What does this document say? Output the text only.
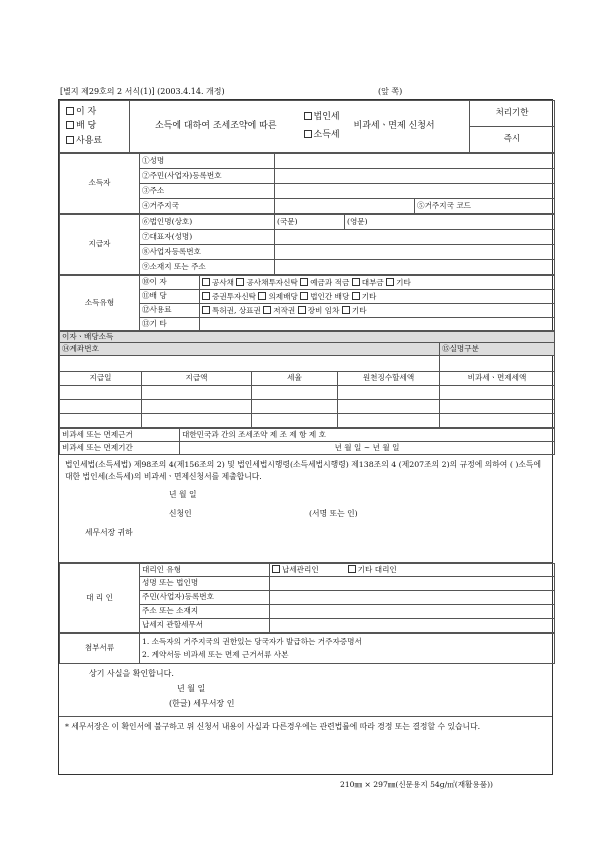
[별지 제29호의 2 서식(1)] (2003.4.14. 개정)	(앞 쪽)
이 자
배 당
사용료
	소득에 대하여 조세조약에 따른	
법인세
소득세
	비과세ㆍ면제 신청서	처리기한
즉시
소득자	①성명		
	②주민(사업자)등록번호		
	③주소		
	④거주지국		⑤거주지국 코드
지급자	⑥법인명(상호)	(국문)	(영문)
	⑦대표자(성명)		
	⑧사업자등록번호		
	⑨소재지 또는 주소		
소득유형	⑩이 자	공사채 공사채투자신탁 예금과 적금 대부금 기타
	⑪배 당	증권투자신탁 의제배당 법인간 배당 기타
	⑫사용료	특허권, 상표권 저작권 장비 임차 기타
	⑬기 타	
이자ㆍ배당소득				
⑭계좌번호				⑮실명구분

지급일	지급액	세율	원천징수할세액	비과세ㆍ면제세액

비과세 또는 면제근거	대한민국과 간의 조세조약 제 조 제 항 제 호
비과세 또는 면제기간	년 월 일 ~ 년 월 일
법인세법(소득세법) 제98조의 4(제156조의 2) 및 법인세법시행령(소득세법시행령) 제138조의 4 (제207조의 2)의 규정에 의하여 ( )소득에 대한 법인세(소득세)의 비과세ㆍ면제신청서를 제출합니다.
년 월 일
신청인	(서명 또는 인)
세무서장 귀하
대 리 인	대리인 유형	납세관리인 기타 대리인
	성명 또는 법인명	
	주민(사업자)등록번호	
	주소 또는 소재지	
	납세지 관할세무서	
첨부서류	
1. 소득자의 거주지국의 권한있는 당국자가 발급하는 거주자증명서
2. 계약서등 비과세 또는 면제 근거서류 사본
상기 사실을 확인합니다.
년 월 일
(한글) 세무서장 인
* 세무서장은 이 확인서에 불구하고 위 신청서 내용이 사실과 다른경우에는 관련법률에 따라 경정 또는 결정할 수 있습니다.
210㎜ × 297㎜(신문용지 54g/㎡(재활용품))
